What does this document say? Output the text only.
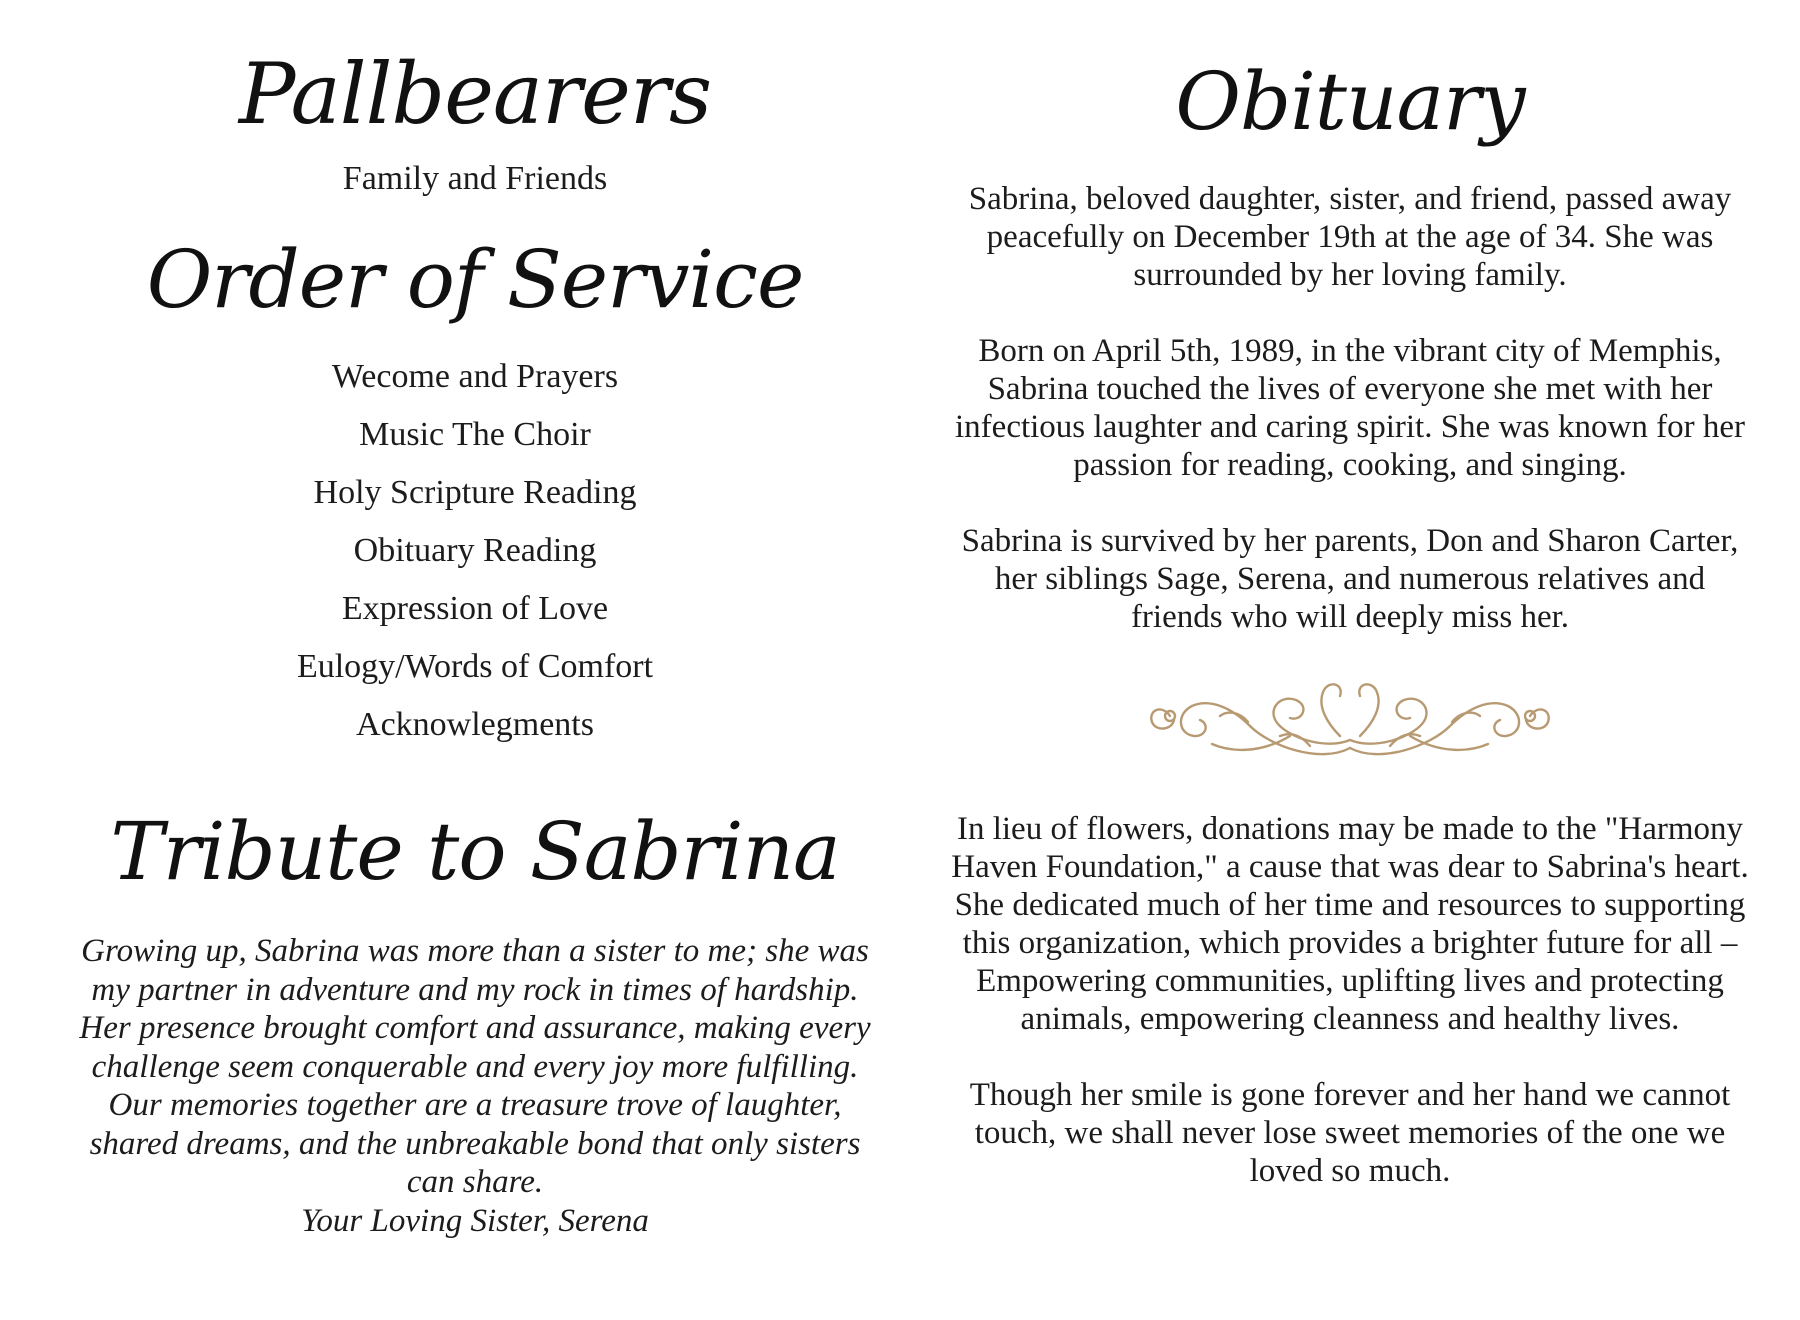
Pallbearers
Family and Friends
Order of Service
Wecome and Prayers
Music The Choir
Holy Scripture Reading
Obituary Reading
Expression of Love
Eulogy/Words of Comfort
Acknowlegments
Tribute to Sabrina

Growing up, Sabrina was more than a sister to me; she was my partner in adventure and my rock in times of hardship. Her presence brought comfort and assurance, making every challenge seem conquerable and every joy more fulfilling. Our memories together are a treasure trove of laughter, shared dreams, and the unbreakable bond that only sisters can share.

Your Loving Sister, Serena

Obituary

Sabrina, beloved daughter, sister, and friend, passed away peacefully on December 19th at the age of 34. She was surrounded by her loving family.

Born on April 5th, 1989, in the vibrant city of Memphis, Sabrina touched the lives of everyone she met with her infectious laughter and caring spirit. She was known for her passion for reading, cooking, and singing.

Sabrina is survived by her parents, Don and Sharon Carter, her siblings Sage, Serena, and numerous relatives and friends who will deeply miss her.

In lieu of flowers, donations may be made to the "Harmony Haven Foundation," a cause that was dear to Sabrina's heart. She dedicated much of her time and resources to supporting this organization, which provides a brighter future for all – Empowering communities, uplifting lives and protecting animals, empowering cleanness and healthy lives.

Though her smile is gone forever and her hand we cannot touch, we shall never lose sweet memories of the one we loved so much.
